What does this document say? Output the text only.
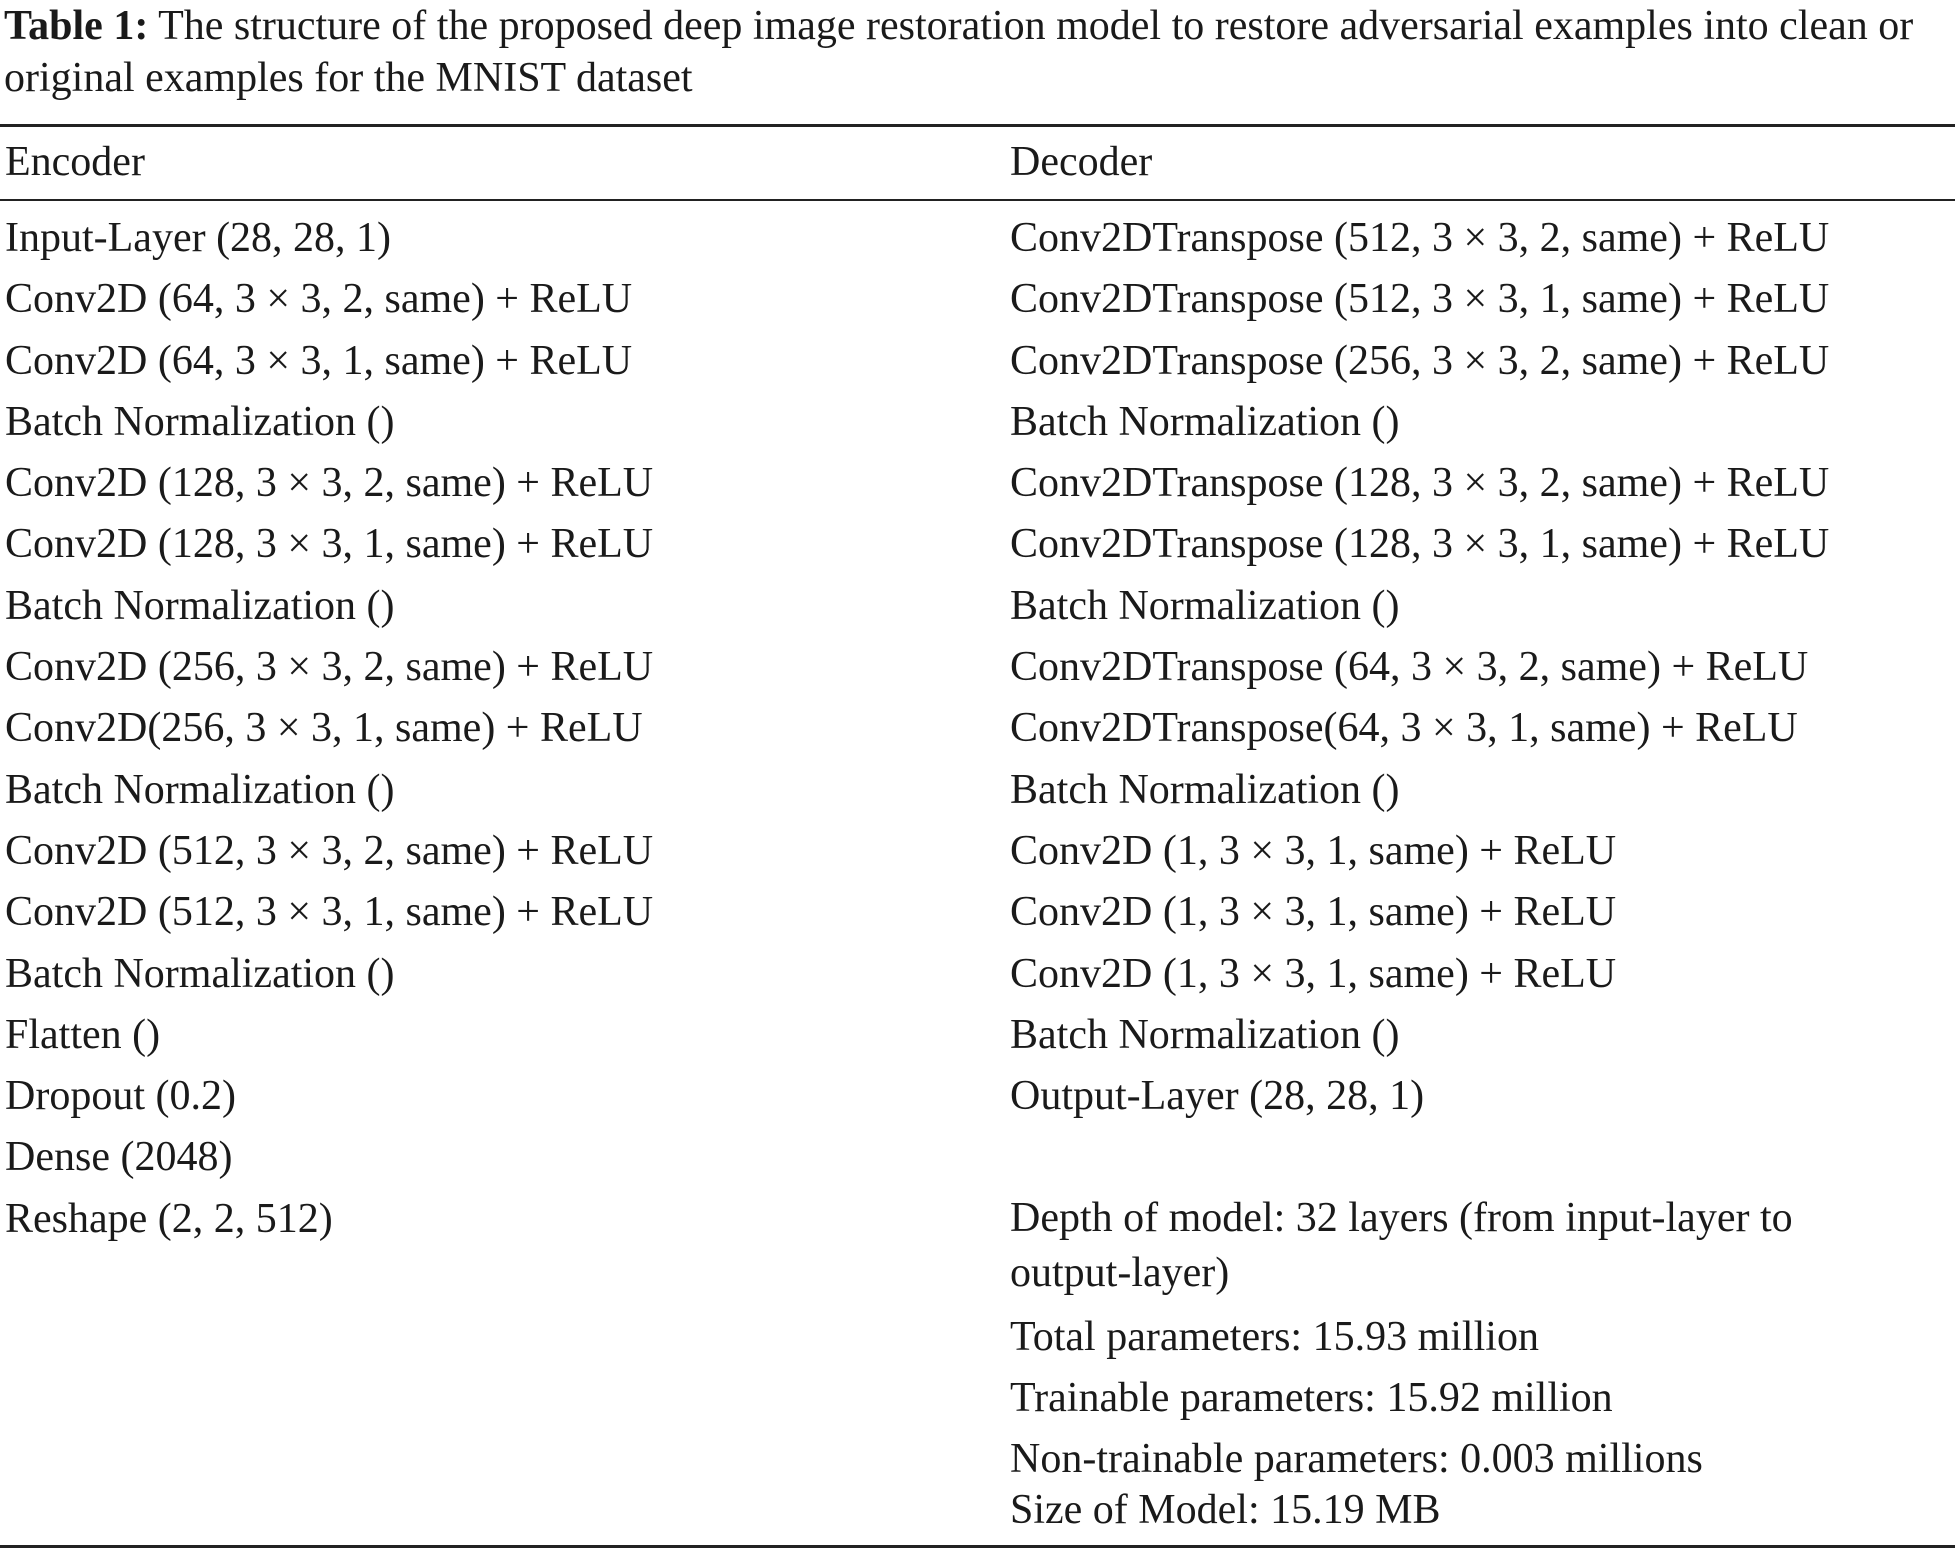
Table 1: The structure of the proposed deep image restoration model to restore adversarial examples into clean or original examples for the MNIST dataset

Encoder	Decoder
Input-Layer (28, 28, 1)
Conv2D (64, 3 × 3, 2, same) + ReLU
Conv2D (64, 3 × 3, 1, same) + ReLU
Batch Normalization ()
Conv2D (128, 3 × 3, 2, same) + ReLU
Conv2D (128, 3 × 3, 1, same) + ReLU
Batch Normalization ()
Conv2D (256, 3 × 3, 2, same) + ReLU
Conv2D(256, 3 × 3, 1, same) + ReLU
Batch Normalization ()
Conv2D (512, 3 × 3, 2, same) + ReLU
Conv2D (512, 3 × 3, 1, same) + ReLU
Batch Normalization ()
Flatten ()
Dropout (0.2)
Dense (2048)
Reshape (2, 2, 512)
Conv2DTranspose (512, 3 × 3, 2, same) + ReLU
Conv2DTranspose (512, 3 × 3, 1, same) + ReLU
Conv2DTranspose (256, 3 × 3, 2, same) + ReLU
Batch Normalization ()
Conv2DTranspose (128, 3 × 3, 2, same) + ReLU
Conv2DTranspose (128, 3 × 3, 1, same) + ReLU
Batch Normalization ()
Conv2DTranspose (64, 3 × 3, 2, same) + ReLU
Conv2DTranspose(64, 3 × 3, 1, same) + ReLU
Batch Normalization ()
Conv2D (1, 3 × 3, 1, same) + ReLU
Conv2D (1, 3 × 3, 1, same) + ReLU
Conv2D (1, 3 × 3, 1, same) + ReLU
Batch Normalization ()
Output-Layer (28, 28, 1)
Depth of model: 32 layers (from input-layer to output-layer)
Total parameters: 15.93 million
Trainable parameters: 15.92 million
Non-trainable parameters: 0.003 millions
Size of Model: 15.19 MB
